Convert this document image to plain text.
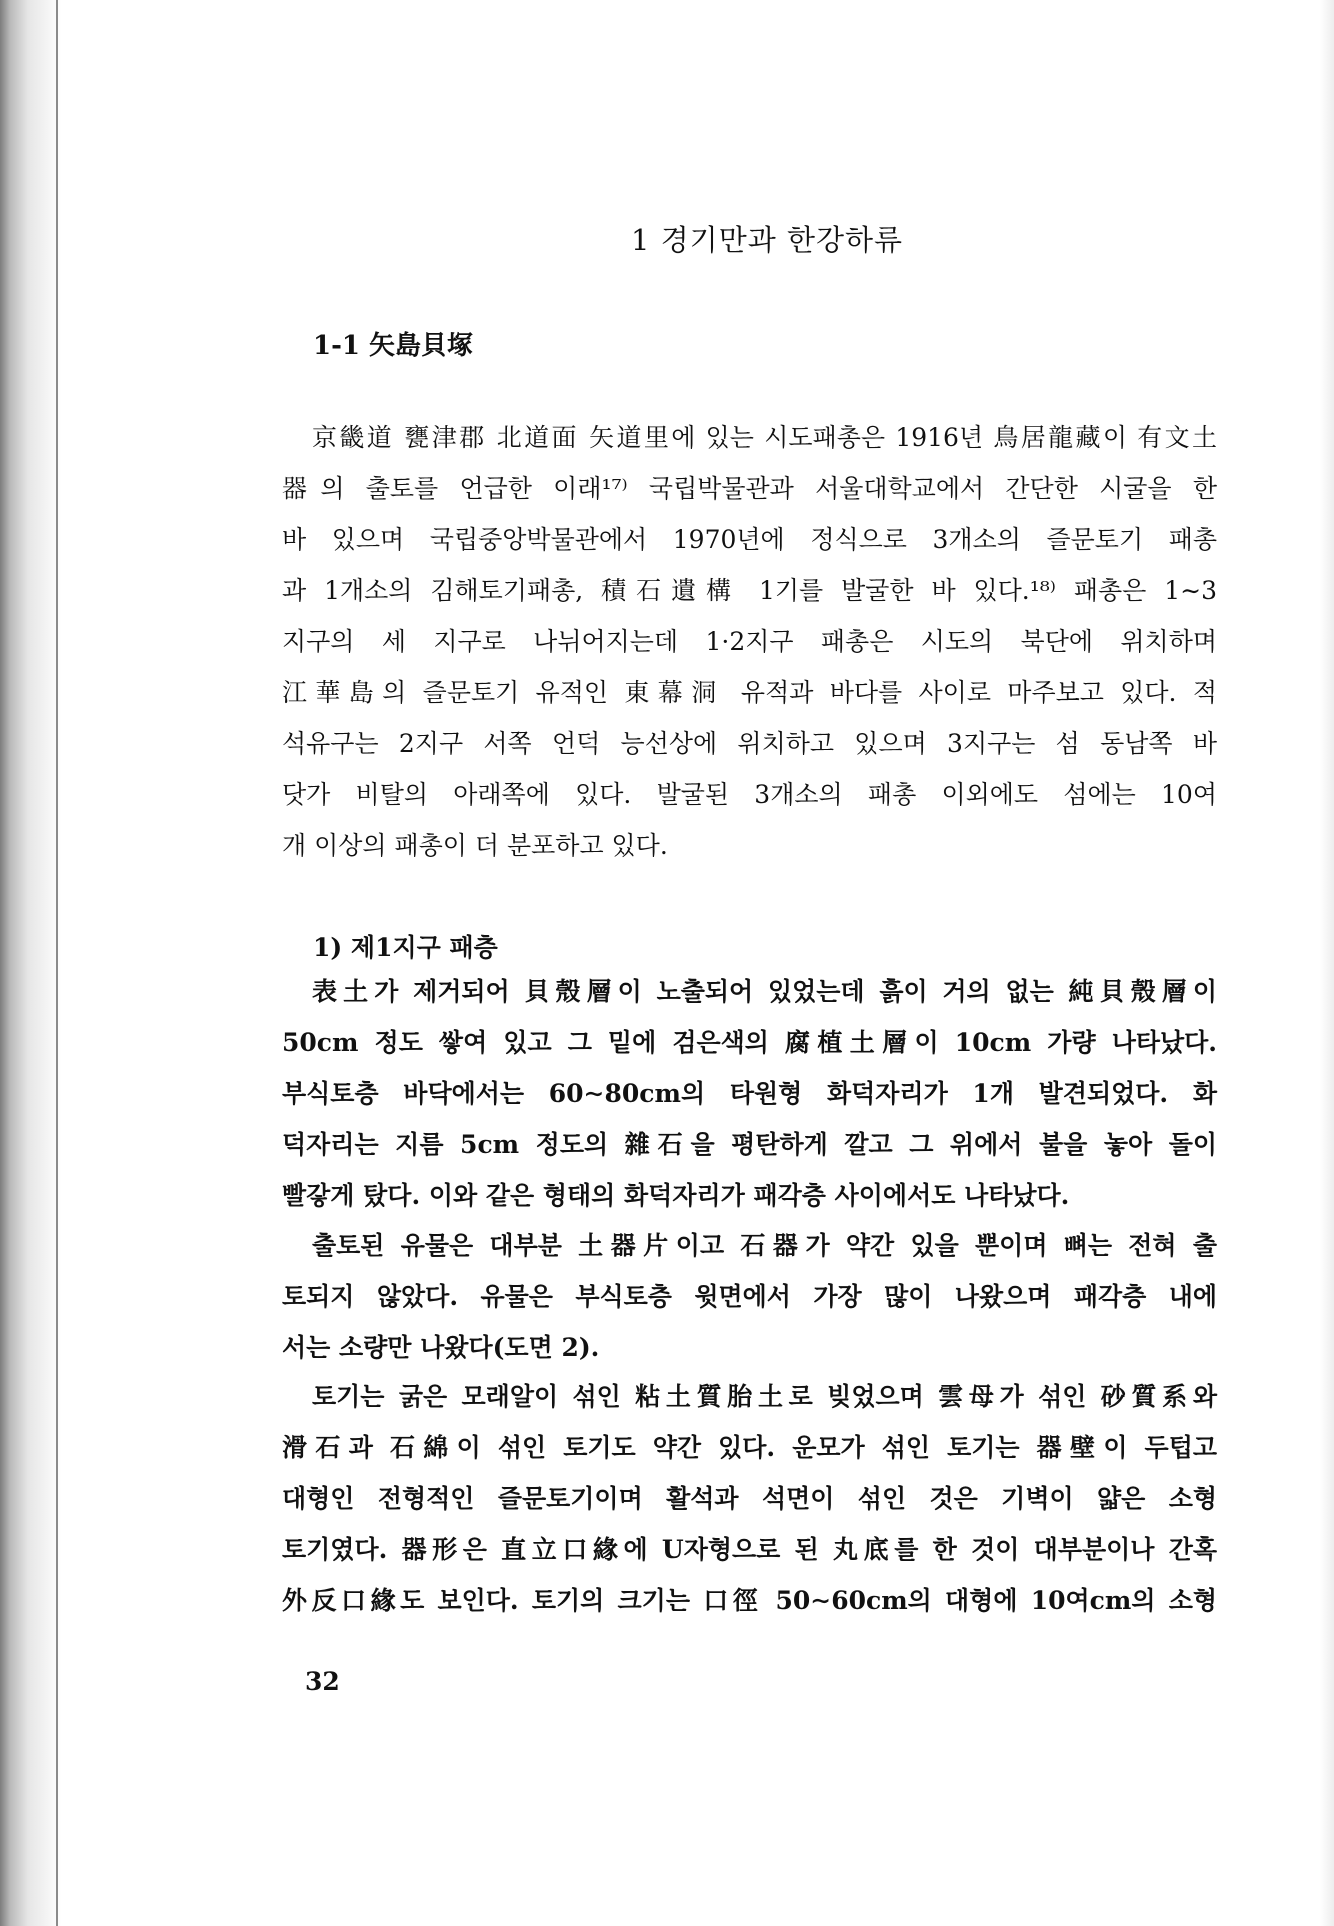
1 경기만과 한강하류
1-1 矢島貝塚
京畿道 甕津郡 北道面 矢道里에 있는 시도패총은 1916년 鳥居龍藏이 有文土
器의 출토를 언급한 이래¹⁷⁾ 국립박물관과 서울대학교에서 간단한 시굴을 한
바 있으며 국립중앙박물관에서 1970년에 정식으로 3개소의 즐문토기 패총
과 1개소의 김해토기패총, 積石遺構 1기를 발굴한 바 있다.¹⁸⁾ 패총은 1∼3
지구의 세 지구로 나뉘어지는데 1·2지구 패총은 시도의 북단에 위치하며
江華島의 즐문토기 유적인 東幕洞 유적과 바다를 사이로 마주보고 있다. 적
석유구는 2지구 서쪽 언덕 능선상에 위치하고 있으며 3지구는 섬 동남쪽 바
닷가 비탈의 아래쪽에 있다. 발굴된 3개소의 패총 이외에도 섬에는 10여
개 이상의 패총이 더 분포하고 있다.
1) 제1지구 패층
表土가 제거되어 貝殼層이 노출되어 있었는데 흙이 거의 없는 純貝殼層이
50cm 정도 쌓여 있고 그 밑에 검은색의 腐植土層이 10cm 가량 나타났다.
부식토층 바닥에서는 60∼80cm의 타원형 화덕자리가 1개 발견되었다. 화
덕자리는 지름 5cm 정도의 雜石을 평탄하게 깔고 그 위에서 불을 놓아 돌이
빨갛게 탔다. 이와 같은 형태의 화덕자리가 패각층 사이에서도 나타났다.
출토된 유물은 대부분 土器片이고 石器가 약간 있을 뿐이며 뼈는 전혀 출
토되지 않았다. 유물은 부식토층 윗면에서 가장 많이 나왔으며 패각층 내에
서는 소량만 나왔다(도면 2).
토기는 굵은 모래알이 섞인 粘土質胎土로 빚었으며 雲母가 섞인 砂質系와
滑石과 石綿이 섞인 토기도 약간 있다. 운모가 섞인 토기는 器壁이 두텁고
대형인 전형적인 즐문토기이며 활석과 석면이 섞인 것은 기벽이 얇은 소형
토기였다. 器形은 直立口緣에 U자형으로 된 丸底를 한 것이 대부분이나 간혹
外反口緣도 보인다. 토기의 크기는 口徑 50∼60cm의 대형에 10여cm의 소형
32
